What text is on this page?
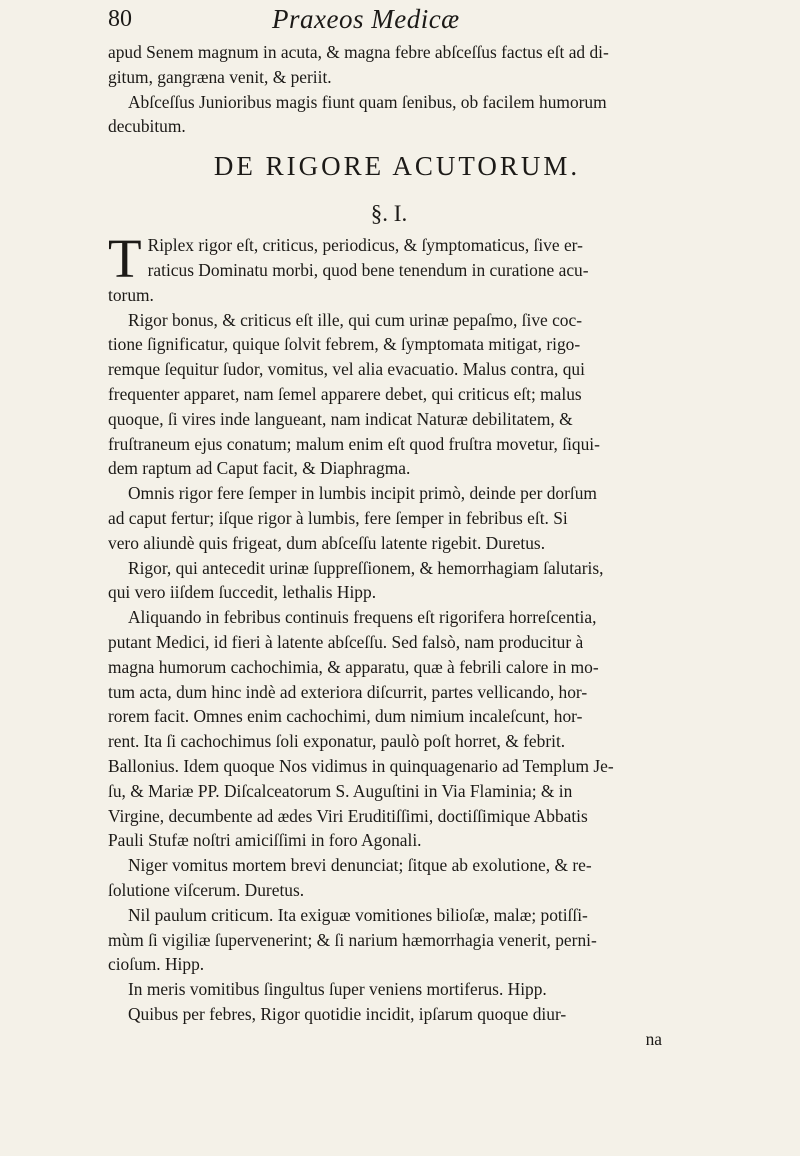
80	Praxeos Medicæ
apud Senem magnum in acuta, & magna febre abſceſſus factus eſt ad di-
gitum, gangræna venit, & periit.
Abſceſſus Junioribus magis fiunt quam ſenibus, ob facilem humorum
decubitum.
DE RIGORE ACUTORUM.
§. I.
T Riplex rigor eſt, criticus, periodicus, & ſymptomaticus, ſive er-
raticus Dominatu morbi, quod bene tenendum in curatione acu-
torum.
Rigor bonus, & criticus eſt ille, qui cum urinæ pepaſmo, ſive coc-
tione ſignificatur, quique ſolvit febrem, & ſymptomata mitigat, rigo-
remque ſequitur ſudor, vomitus, vel alia evacuatio. Malus contra, qui
frequenter apparet, nam ſemel apparere debet, qui criticus eſt; malus
quoque, ſi vires inde langueant, nam indicat Naturæ debilitatem, &
fruſtraneum ejus conatum; malum enim eſt quod fruſtra movetur, ſiqui-
dem raptum ad Caput facit, & Diaphragma.
Omnis rigor fere ſemper in lumbis incipit primò, deinde per dorſum
ad caput fertur; iſque rigor à lumbis, fere ſemper in febribus eſt. Si
vero aliundè quis frigeat, dum abſceſſu latente rigebit. Duretus.
Rigor, qui antecedit urinæ ſuppreſſionem, & hemorrhagiam ſalutaris,
qui vero iiſdem ſuccedit, lethalis Hipp.
Aliquando in febribus continuis frequens eſt rigorifera horreſcentia,
putant Medici, id fieri à latente abſceſſu. Sed falsò, nam producitur à
magna humorum cachochimia, & apparatu, quæ à febrili calore in mo-
tum acta, dum hinc indè ad exteriora diſcurrit, partes vellicando, hor-
rorem facit. Omnes enim cachochimi, dum nimium incaleſcunt, hor-
rent. Ita ſi cachochimus ſoli exponatur, paulò poſt horret, & febrit.
Ballonius. Idem quoque Nos vidimus in quinquagenario ad Templum Je-
ſu, & Mariæ PP. Diſcalceatorum S. Auguſtini in Via Flaminia; & in
Virgine, decumbente ad ædes Viri Eruditiſſimi, doctiſſimique Abbatis
Pauli Stufæ noſtri amiciſſimi in foro Agonali.
Niger vomitus mortem brevi denunciat; ſitque ab exolutione, & re-
ſolutione viſcerum. Duretus.
Nil paulum criticum. Ita exiguæ vomitiones bilioſæ, malæ; potiſſi-
mùm ſi vigiliæ ſupervenerint; & ſi narium hæmorrhagia venerit, perni-
cioſum. Hipp.
In meris vomitibus ſingultus ſuper veniens mortiferus. Hipp.
Quibus per febres, Rigor quotidie incidit, ipſarum quoque diur-
na
